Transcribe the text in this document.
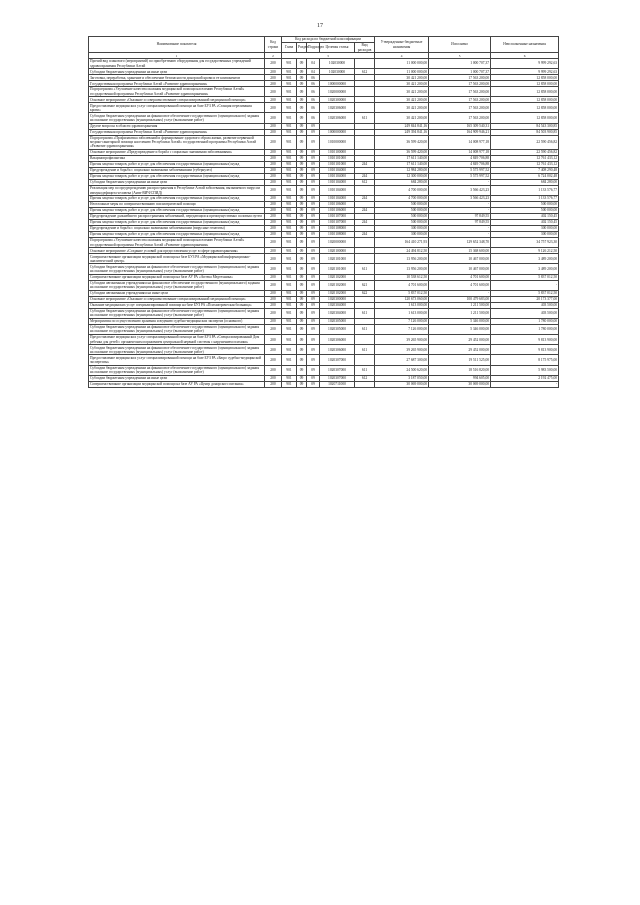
17
Наименование показателя	Код строки	Код расхода по бюджетной классификации					Утвержденные бюджетные назначения	Исполнено	Неисполненные назначения
		Глава	Раздел	Подраздел	Целевая статья	Вид расходов			
1	2	3					4	5	6
Прочий вид планового (мероприятий) по приобретению оборудования для государственных учреждений здравоохранения Республики Алтай	200	901	09	04	102030000		11 000 000,00	1 000 707,37	9 999 292,63
Субсидии бюджетным учреждениям на иные цели	200	901	09	04	102030000	612	11 000 000,00	1 000 707,37	9 999 292,63
Заготовка, переработка, хранение и обеспечение безопасности донорской крови и ее компонентов	200	901	09	06			30 421 200,00	17 563 200,00	12 858 000,00
Государственная программа Республики Алтай «Развитие здравоохранения»	200	901	09	06	1000000000		30 421 200,00	17 563 200,00	12 858 000,00
Подпрограмма «Улучшение качества оказания медицинской помощи населению Республики Алтай» государственной программы Республики Алтай «Развитие здравоохранения»	200	901	09	06	1020000000		30 421 200,00	17 563 200,00	12 858 000,00
Основное мероприятие «Оказание и совершенствование специализированной медицинской помощи»	200	901	09	06	1020300000		30 421 200,00	17 563 200,00	12 858 000,00
Предоставление медицинских услуг специализированной помощи на базе БУЗ РА «Станция переливания крови»	200	901	09	06	1020306000		30 421 200,00	17 563 200,00	12 858 000,00
Субсидии бюджетным учреждениям на финансовое обеспечение государственного (муниципального) задания на оказание государственных (муниципальных) услуг (выполнение работ)	200	901	09	06	1020306000	611	30 421 200,00	17 563 200,00	12 858 000,00
Другие вопросы в области здравоохранения	200	901	09	09			249 844 841,16	165 309 540,31	84 543 300,85
Государственная программа Республики Алтай «Развитие здравоохранения»	200	901	09	09	1000000000		249 394 841,16	164 909 946,21	84 503 900,85
Подпрограмма «Профилактика заболеваний и формирование здорового образа жизни, развитие первичной медико-санитарной помощи населению Республики Алтай» государственной программы Республики Алтай «Развитие здравоохранения»	200	901	09	09	1010000000		36 599 420,00	14 008 977,18	22 590 456,82
Основное мероприятие «Предупреждение и борьба с социально значимыми заболеваниями»	200	901	09	09	1010100000		36 599 420,00	14 008 977,18	22 590 456,82
Вакцинопрофилактика	200	901	09	09	1010101000		17 611 140,00	4 849 706,88	12 761 433,12
Прочая закупка товаров, работ и услуг для обеспечения государственных (муниципальных) нужд	200	901	09	09	1010101000	244	17 611 140,00	4 849 706,88	12 761 433,12
Предупреждение и борьба с социально значимыми заболеваниями (туберкулез)	200	901	09	09	1010104000		12 984 280,00	5 575 997,52	7 408 290,48
Прочая закупка товаров, работ и услуг для обеспечения государственных (муниципальных) нужд	200	901	09	09	1010104000	244	12 300 000,00	5 575 997,52	6 724 002,48
Субсидии бюджетным учреждениям на иные цели	200	901	09	09	1010104000	612	684 280,00	-	684 280,00
Реализация мер по предупреждению распространения в Республике Алтай заболевания, вызываемого вирусом иммунодефицита человека (Анти-ВИЧ/СПИД)	200	901	09	09	1010104000		4 700 000,00	3 566 423,23	1 133 576,77
Прочая закупка товаров, работ и услуг для обеспечения государственных (муниципальных) нужд	200	901	09	09	1010104000	244	4 700 000,00	3 566 423,23	1 133 576,77
Неотложные меры по совершенствованию психиатрической помощи	200	901	09	09	1010106000		500 000,00	-	500 000,00
Прочая закупка товаров, работ и услуг для обеспечения государственных (муниципальных) нужд	200	901	09	09	1010106000	244	500 000,00	-	500 000,00
Предупреждение дальнейшего распространения заболеваний, передающихся преимущественно половым путем	200	901	09	09	1010107000		500 000,00	97 849,55	402 150,45
Прочая закупка товаров, работ и услуг для обеспечения государственных (муниципальных) нужд	200	901	09	09	1010107000	244	500 000,00	97 849,55	402 150,45
Предупреждение и борьба с социально значимыми заболеваниями (вирусные гепатиты)	200	901	09	09	1010108000		300 000,00	-	300 000,00
Прочая закупка товаров, работ и услуг для обеспечения государственных (муниципальных) нужд	200	901	09	09	1010108000	244	300 000,00	-	300 000,00
Подпрограмма «Улучшение качества оказания медицинской помощи населению Республики Алтай» государственной программы Республики Алтай «Развитие здравоохранения»	200	901	09	09	1020000000		164 410 271,93	129 652 348,70	34 757 923,30
Основное мероприятие «Создание условий для предоставления услуг в сфере здравоохранения»	200	901	09	09	1020100000		24 494 812,50	15 368 600,00	9 126 212,50
Совершенствование организации медицинской помощи на базе БУЗ РА «Медицинский информационно-аналитический центр»	200	901	09	09	1020101000		13 956 200,00	10 467 000,00	3 489 200,00
Субсидии бюджетным учреждениям на финансовое обеспечение государственного (муниципального) задания на оказание государственных (муниципальных) услуг (выполнение работ)	200	901	09	09	1020101000	611	13 956 200,00	10 467 000,00	3 489 200,00
Совершенствование организации медицинской помощи на базе АУ РА «Аптека Медтехника»	200	901	09	09	1020102000		10 538 612,50	4 701 600,00	5 837 012,50
Субсидии автономным учреждениям на финансовое обеспечение государственного (муниципального) задания на оказание государственных (муниципальных) услуг (выполнение работ)	200	901	09	09	1020102000	621	4 701 600,00	4 701 600,00	-
Субсидии автономным учреждениям на иные цели	200	901	09	09	1020102000	622	5 837 012,50	-	5 837 012,50
Основное мероприятие «Оказание и совершенствование специализированной медицинской помощи»	200	901	09	09	1020300000		120 673 060,00	100 479 683,00	20 173 377,00
Оказание медицинских услуг специализированной помощи на базе БУЗ РА «Психиатрическая больница»	200	901	09	09	1020304000		1 613 000,00	1 211 500,00	403 500,00
Субсидии бюджетным учреждениям на финансовое обеспечение государственного (муниципального) задания на оказание государственных (муниципальных) услуг (выполнение работ)	200	901	09	09	1020304000	611	1 613 000,00	1 211 500,00	403 500,00
Мероприятия по осуществлению хранения и ведению судебно-медицинских экспертиз (основного)	200	901	09	09	1020305000		7 126 000,00	5 346 000,00	1 780 000,00
Субсидии бюджетным учреждениям на финансовое обеспечение государственного (муниципального) задания на оказание государственных (муниципальных) услуг (выполнение работ)	200	901	09	09	1020305000	611	7 126 000,00	5 346 000,00	1 780 000,00
Предоставление медицинских услуг специализированной помощи на базе БУЗ РА «Специализированный Дом ребенка для детей с органическим поражением центральной нервной системы с нарушением психики»	200	901	09	09	1020306000		39 265 900,00	29 452 000,00	9 813 900,00
Субсидии бюджетным учреждениям на финансовое обеспечение государственного (муниципального) задания на оказание государственных (муниципальных) услуг (выполнение работ)	200	901	09	09	1020306000	611	39 265 900,00	29 452 000,00	9 813 900,00
Предоставление медицинских услуг специализированной помощи на базе БУЗ РА «Бюро судебно-медицинской экспертизы»	200	901	09	09	1020307000		27 687 300,00	19 511 525,00	8 175 975,00
Субсидии бюджетным учреждениям на финансовое обеспечение государственного (муниципального) задания на оказание государственных (муниципальных) услуг (выполнение работ)	200	901	09	09	1020307000	611	24 500 620,00	18 516 820,00	5 983 500,00
Субсидии бюджетным учреждениям на иные цели	200	901	09	09	1020307000	612	3 187 050,00	994 605,00	2 192 475,00
Совершенствование организации медицинской помощи на базе АУ РА «Центр донорского питания»	200	901	09	09	1020711000		30 069 000,00	30 069 000,00	-
